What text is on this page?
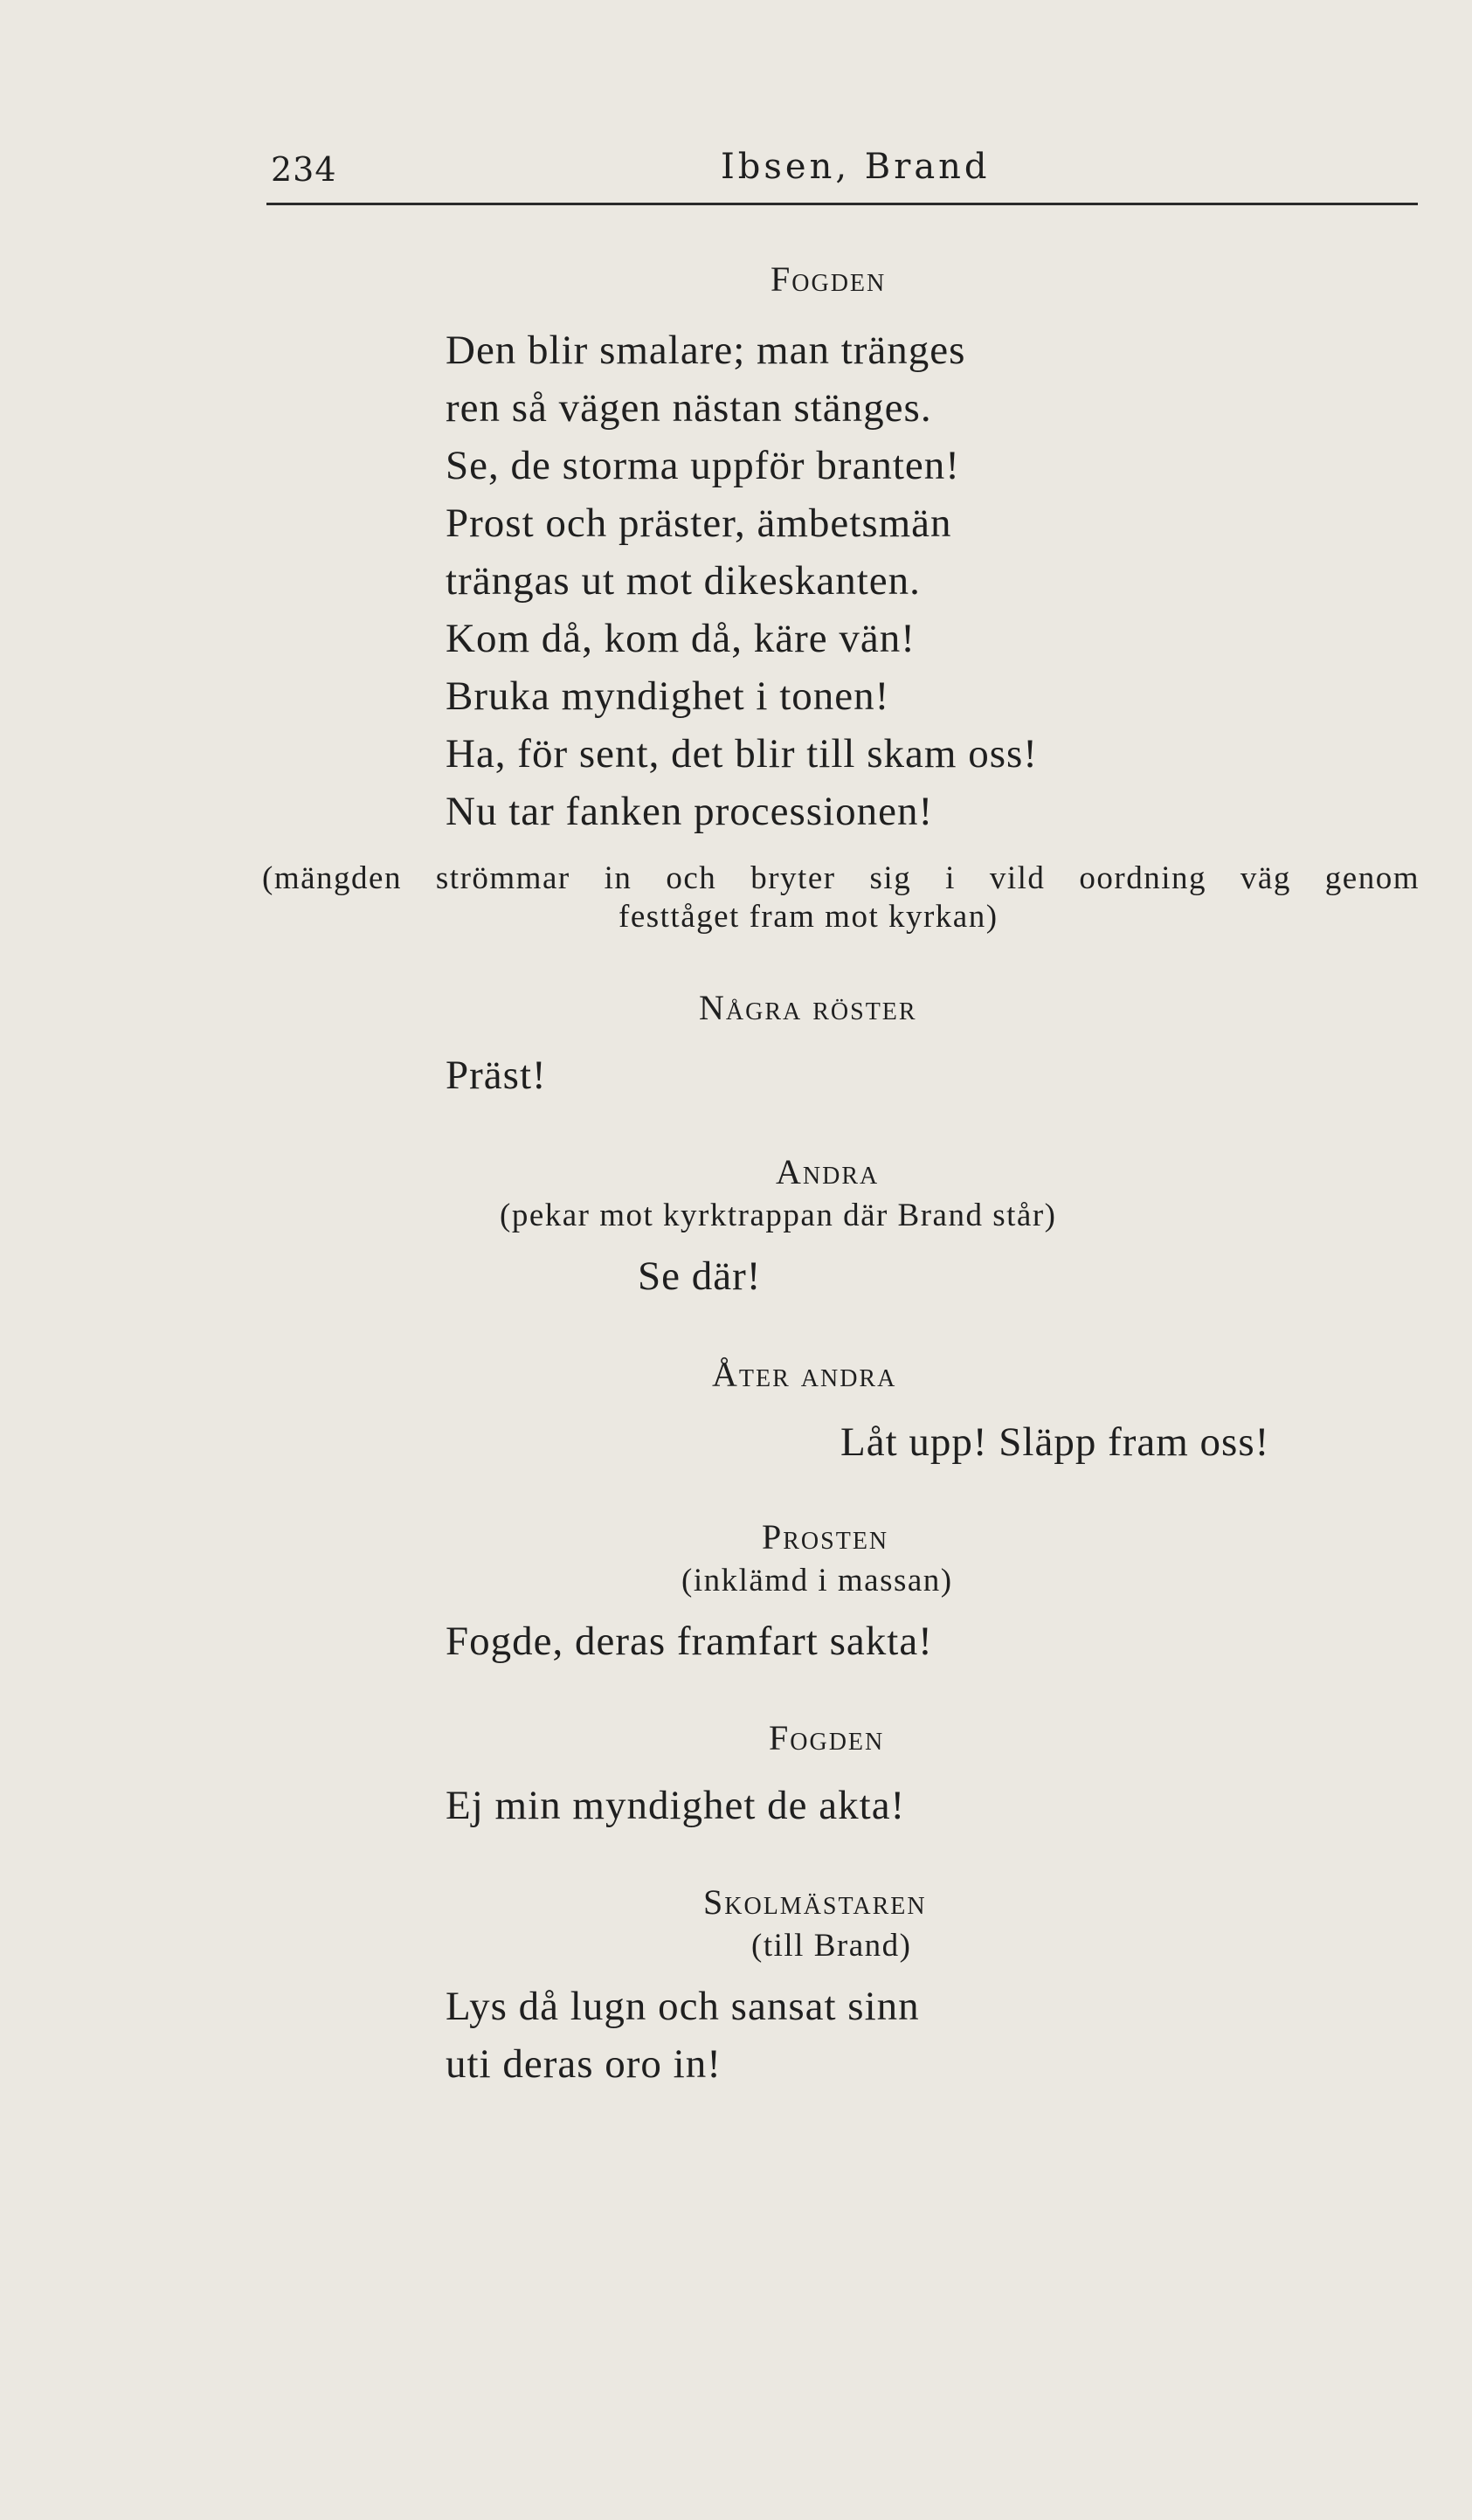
234	Ibsen, Brand
Fogden
Den blir smalare; man tränges
ren så vägen nästan stänges.
Se, de storma uppför branten!
Prost och präster, ämbetsmän
trängas ut mot dikeskanten.
Kom då, kom då, käre vän!
Bruka myndighet i tonen!
Ha, för sent, det blir till skam oss!
Nu tar fanken processionen!
(mängden strömmar in och bryter sig i vild oordning väg genom
festtåget fram mot kyrkan)
Några röster
Präst!
Andra
(pekar mot kyrktrappan där Brand står)
Se där!
Åter andra
Låt upp! Släpp fram oss!
Prosten
(inklämd i massan)
Fogde, deras framfart sakta!
Fogden
Ej min myndighet de akta!
Skolmästaren
(till Brand)
Lys då lugn och sansat sinn
uti deras oro in!
